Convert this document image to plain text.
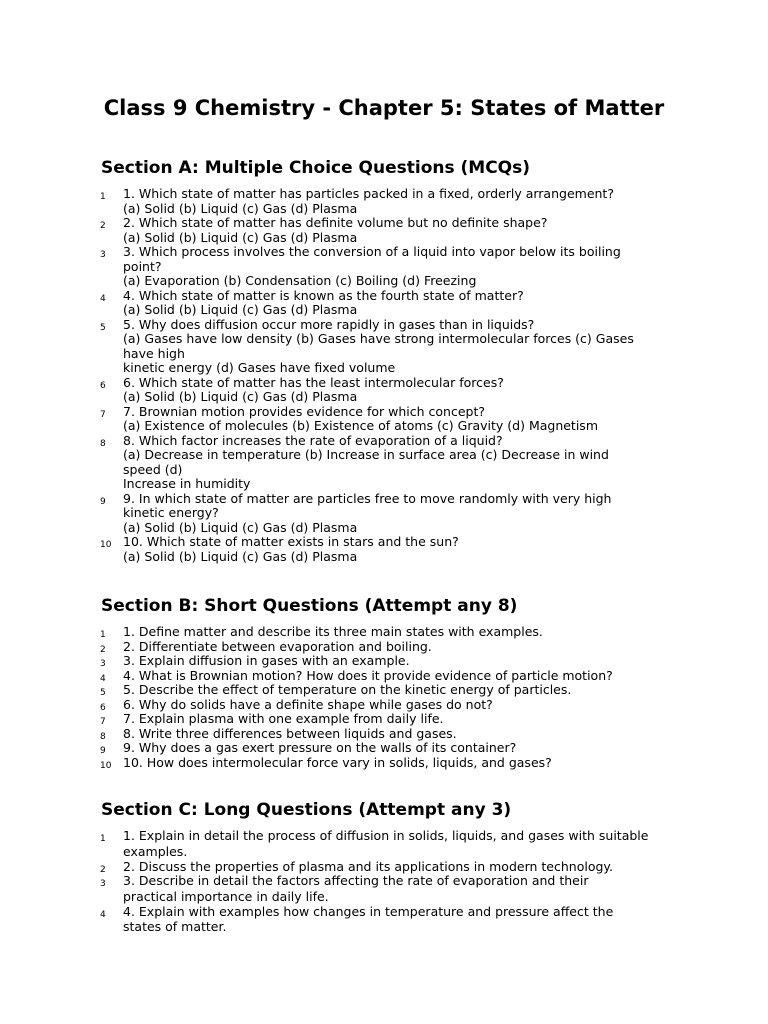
Class 9 Chemistry - Chapter 5: States of Matter
Section A: Multiple Choice Questions (MCQs)
1 1. Which state of matter has particles packed in a fixed, orderly arrangement?
(a) Solid (b) Liquid (c) Gas (d) Plasma
2 2. Which state of matter has definite volume but no definite shape?
(a) Solid (b) Liquid (c) Gas (d) Plasma
3 3. Which process involves the conversion of a liquid into vapor below its boiling
point?
(a) Evaporation (b) Condensation (c) Boiling (d) Freezing
4 4. Which state of matter is known as the fourth state of matter?
(a) Solid (b) Liquid (c) Gas (d) Plasma
5 5. Why does diffusion occur more rapidly in gases than in liquids?
(a) Gases have low density (b) Gases have strong intermolecular forces (c) Gases
have high
kinetic energy (d) Gases have fixed volume
6 6. Which state of matter has the least intermolecular forces?
(a) Solid (b) Liquid (c) Gas (d) Plasma
7 7. Brownian motion provides evidence for which concept?
(a) Existence of molecules (b) Existence of atoms (c) Gravity (d) Magnetism
8 8. Which factor increases the rate of evaporation of a liquid?
(a) Decrease in temperature (b) Increase in surface area (c) Decrease in wind
speed (d)
Increase in humidity
9 9. In which state of matter are particles free to move randomly with very high
kinetic energy?
(a) Solid (b) Liquid (c) Gas (d) Plasma
10 10. Which state of matter exists in stars and the sun?
(a) Solid (b) Liquid (c) Gas (d) Plasma
Section B: Short Questions (Attempt any 8)
1 1. Define matter and describe its three main states with examples.
2 2. Differentiate between evaporation and boiling.
3 3. Explain diffusion in gases with an example.
4 4. What is Brownian motion? How does it provide evidence of particle motion?
5 5. Describe the effect of temperature on the kinetic energy of particles.
6 6. Why do solids have a definite shape while gases do not?
7 7. Explain plasma with one example from daily life.
8 8. Write three differences between liquids and gases.
9 9. Why does a gas exert pressure on the walls of its container?
10 10. How does intermolecular force vary in solids, liquids, and gases?
Section C: Long Questions (Attempt any 3)
1 1. Explain in detail the process of diffusion in solids, liquids, and gases with suitable
examples.
2 2. Discuss the properties of plasma and its applications in modern technology.
3 3. Describe in detail the factors affecting the rate of evaporation and their
practical importance in daily life.
4 4. Explain with examples how changes in temperature and pressure affect the
states of matter.
